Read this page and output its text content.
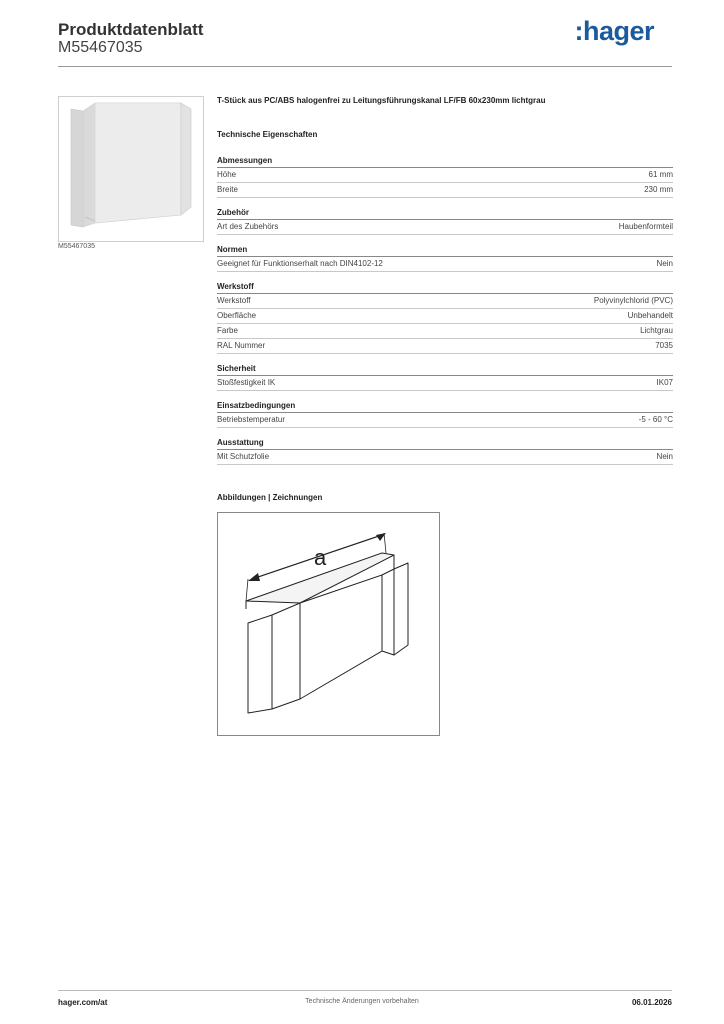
Produktdatenblatt
M55467035
:hager
M55467035
T-Stück aus PC/ABS halogenfrei zu Leitungsführungskanal LF/FB 60x230mm lichtgrau
Technische Eigenschaften
Abmessungen
Höhe	61 mm
Breite	230 mm
Zubehör
Art des Zubehörs	Haubenformteil
Normen
Geeignet für Funktionserhalt nach DIN4102-12	Nein
Werkstoff
Werkstoff	Polyvinylchlorid (PVC)
Oberfläche	Unbehandelt
Farbe	Lichtgrau
RAL Nummer	7035
Sicherheit
Stoßfestigkeit IK	IK07
Einsatzbedingungen
Betriebstemperatur	-5 - 60 °C
Ausstattung
Mit Schutzfolie	Nein
Abbildungen | Zeichnungen
a
hager.com/at	Technische Änderungen vorbehalten	06.01.2026
